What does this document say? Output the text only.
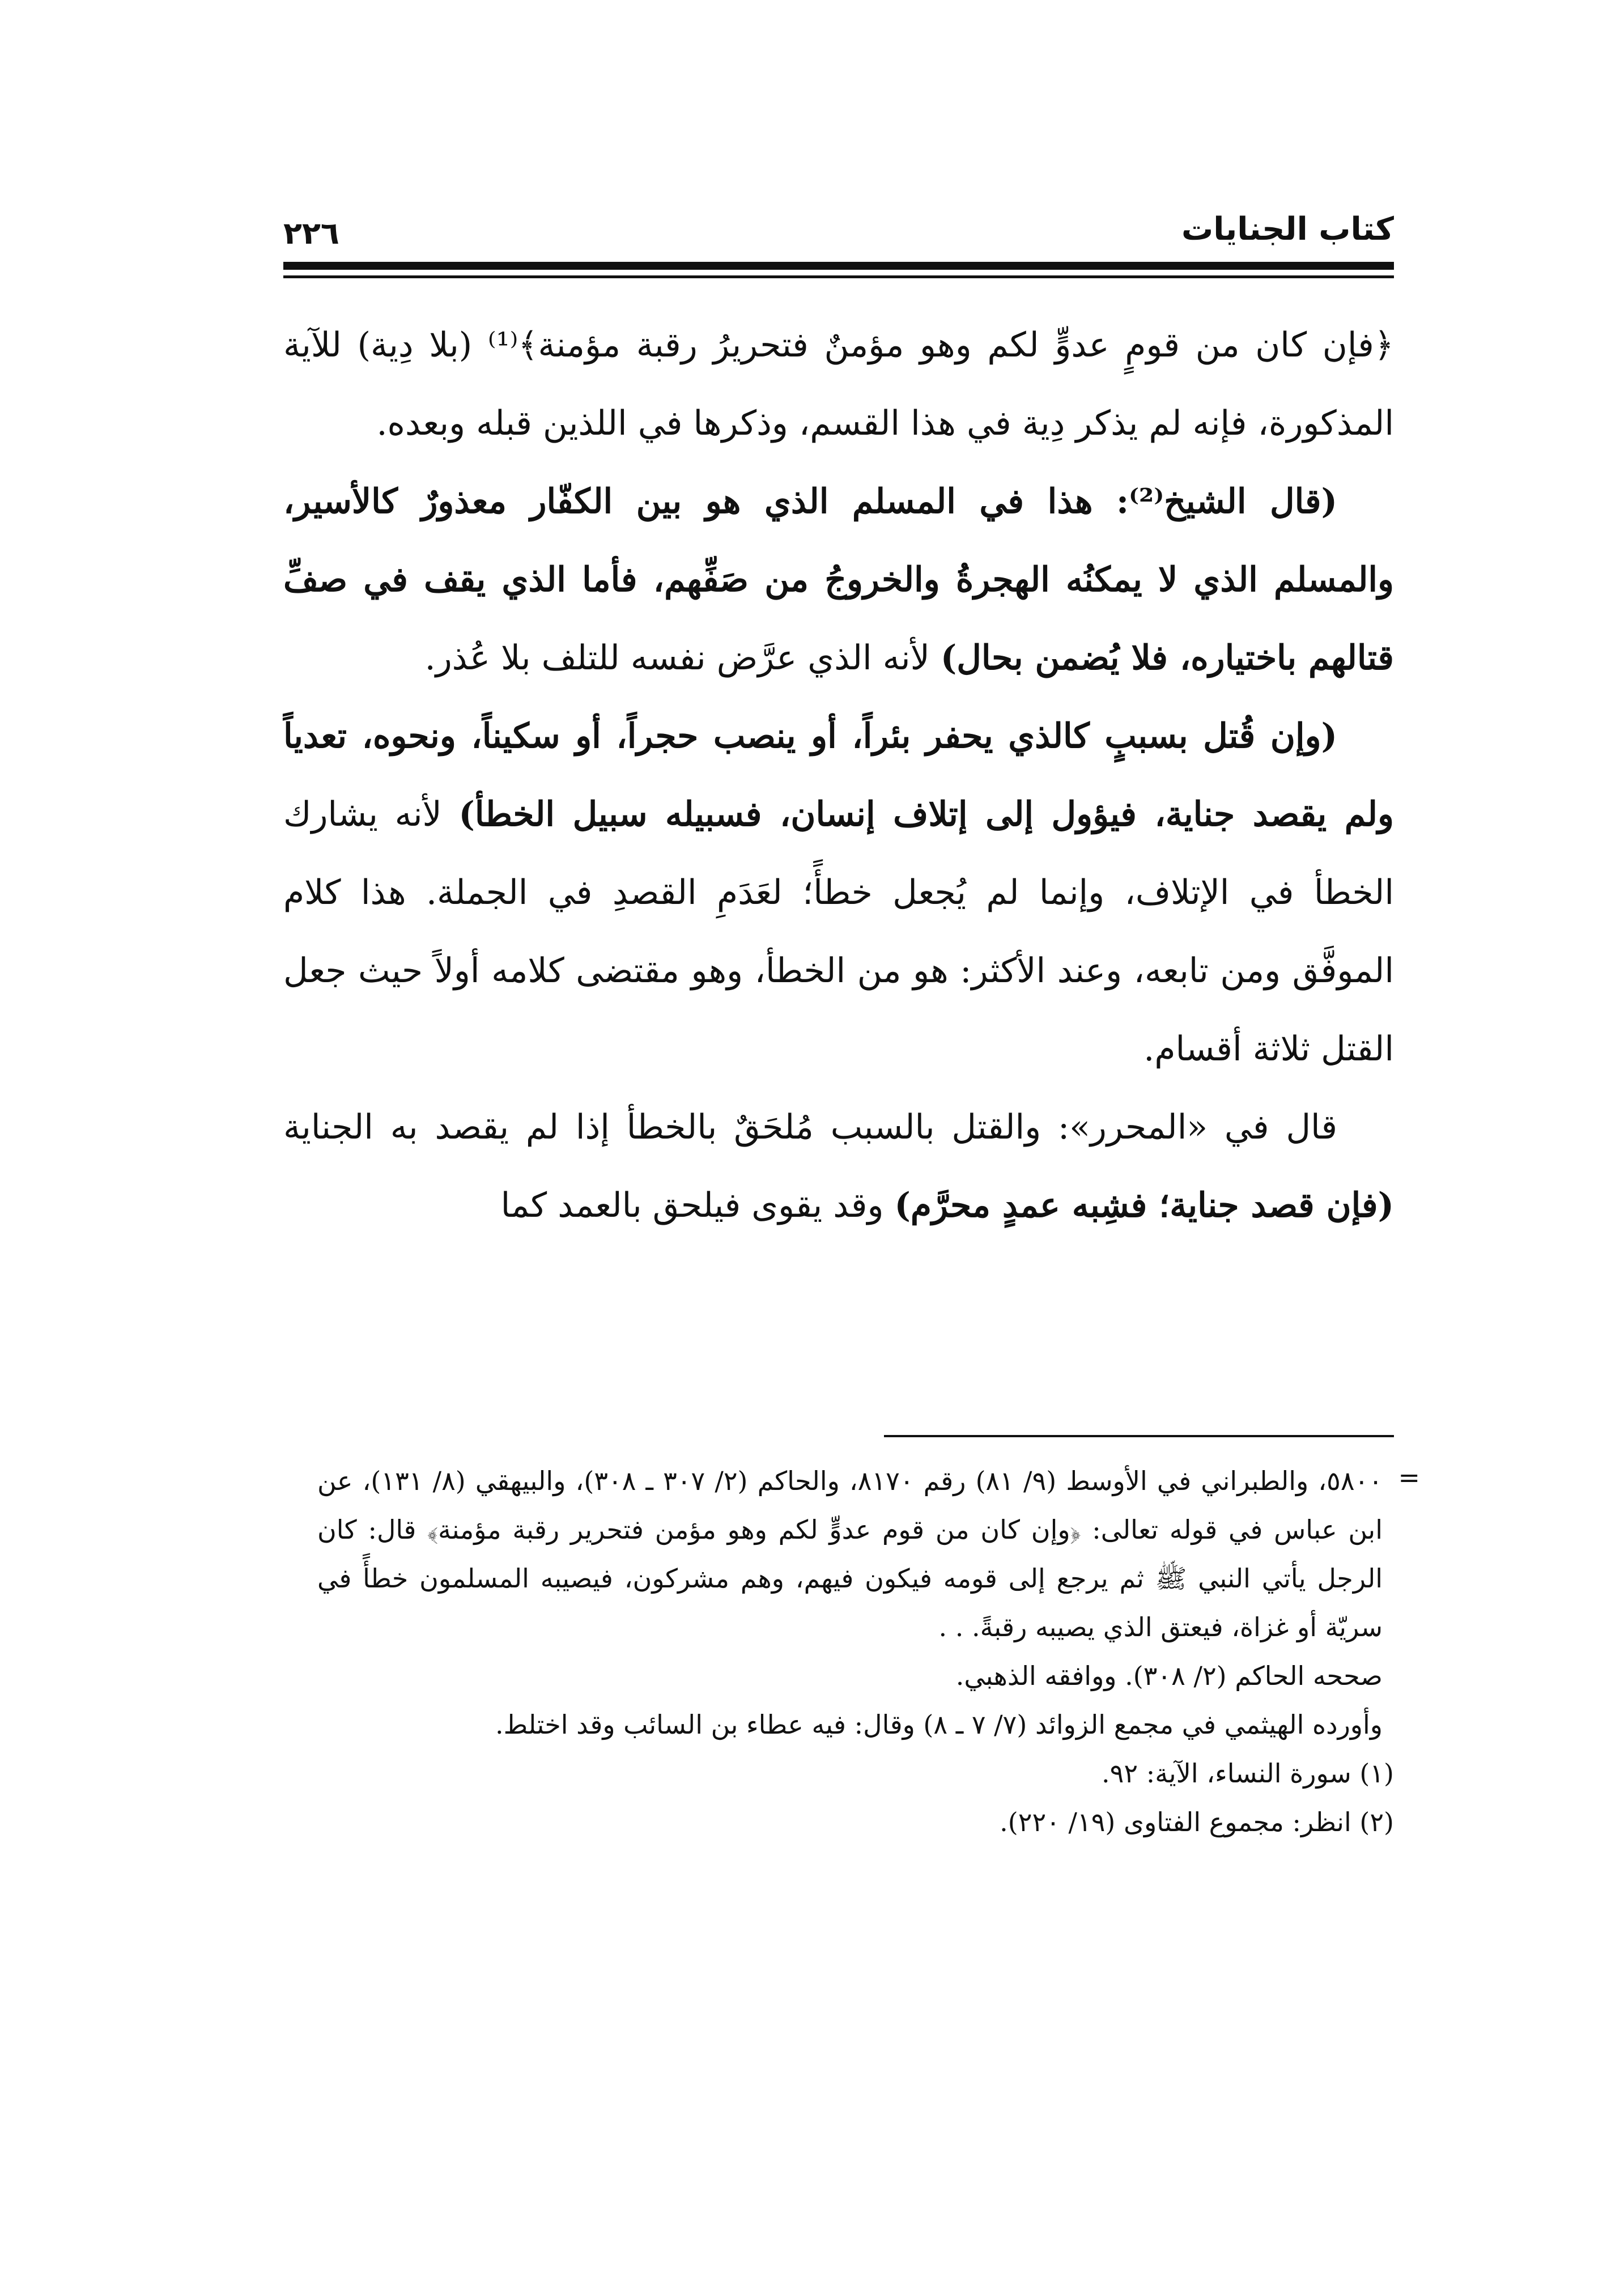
كتاب الجنايات
٢٢٦

﴿فإن كان من قومٍ عدوٍّ لكم وهو مؤمنٌ فتحريرُ رقبة مؤمنة﴾⁽¹⁾ (بلا دِية) للآية المذكورة، فإنه لم يذكر دِية في هذا القسم، وذكرها في اللذين قبله وبعده.

(قال الشيخ⁽²⁾: هذا في المسلم الذي هو بين الكفّار معذورٌ كالأسير، والمسلم الذي لا يمكنُه الهجرةُ والخروجُ من صَفِّهم، فأما الذي يقف في صفِّ قتالهم باختياره، فلا يُضمن بحال) لأنه الذي عرَّض نفسه للتلف بلا عُذر.

(وإن قُتل بسببٍ كالذي يحفر بئراً، أو ينصب حجراً، أو سكيناً، ونحوه، تعدياً ولم يقصد جناية، فيؤول إلى إتلاف إنسان، فسبيله سبيل الخطأ) لأنه يشارك الخطأ في الإتلاف، وإنما لم يُجعل خطأً؛ لعَدَمِ القصدِ في الجملة. هذا كلام الموفَّق ومن تابعه، وعند الأكثر: هو من الخطأ، وهو مقتضى كلامه أولاً حيث جعل القتل ثلاثة أقسام.

قال في «المحرر»: والقتل بالسبب مُلحَقٌ بالخطأ إذا لم يقصد به الجناية (فإن قصد جناية؛ فشِبه عمدٍ محرَّم) وقد يقوى فيلحق بالعمد كما

=

٥٨٠٠، والطبراني في الأوسط (٩/ ٨١) رقم ٨١٧٠، والحاكم (٢/ ٣٠٧ ـ ٣٠٨)، والبيهقي (٨/ ١٣١)، عن ابن عباس في قوله تعالى: ﴿وإن كان من قوم عدوٍّ لكم وهو مؤمن فتحرير رقبة مؤمنة﴾ قال: كان الرجل يأتي النبي ﷺ ثم يرجع إلى قومه فيكون فيهم، وهم مشركون، فيصيبه المسلمون خطأً في سريّة أو غزاة، فيعتق الذي يصيبه رقبةً. . .

صححه الحاكم (٢/ ٣٠٨). ووافقه الذهبي.

وأورده الهيثمي في مجمع الزوائد (٧/ ٧ ـ ٨) وقال: فيه عطاء بن السائب وقد اختلط.

(١) سورة النساء، الآية: ٩٢.

(٢) انظر: مجموع الفتاوى (١٩/ ٢٢٠).
